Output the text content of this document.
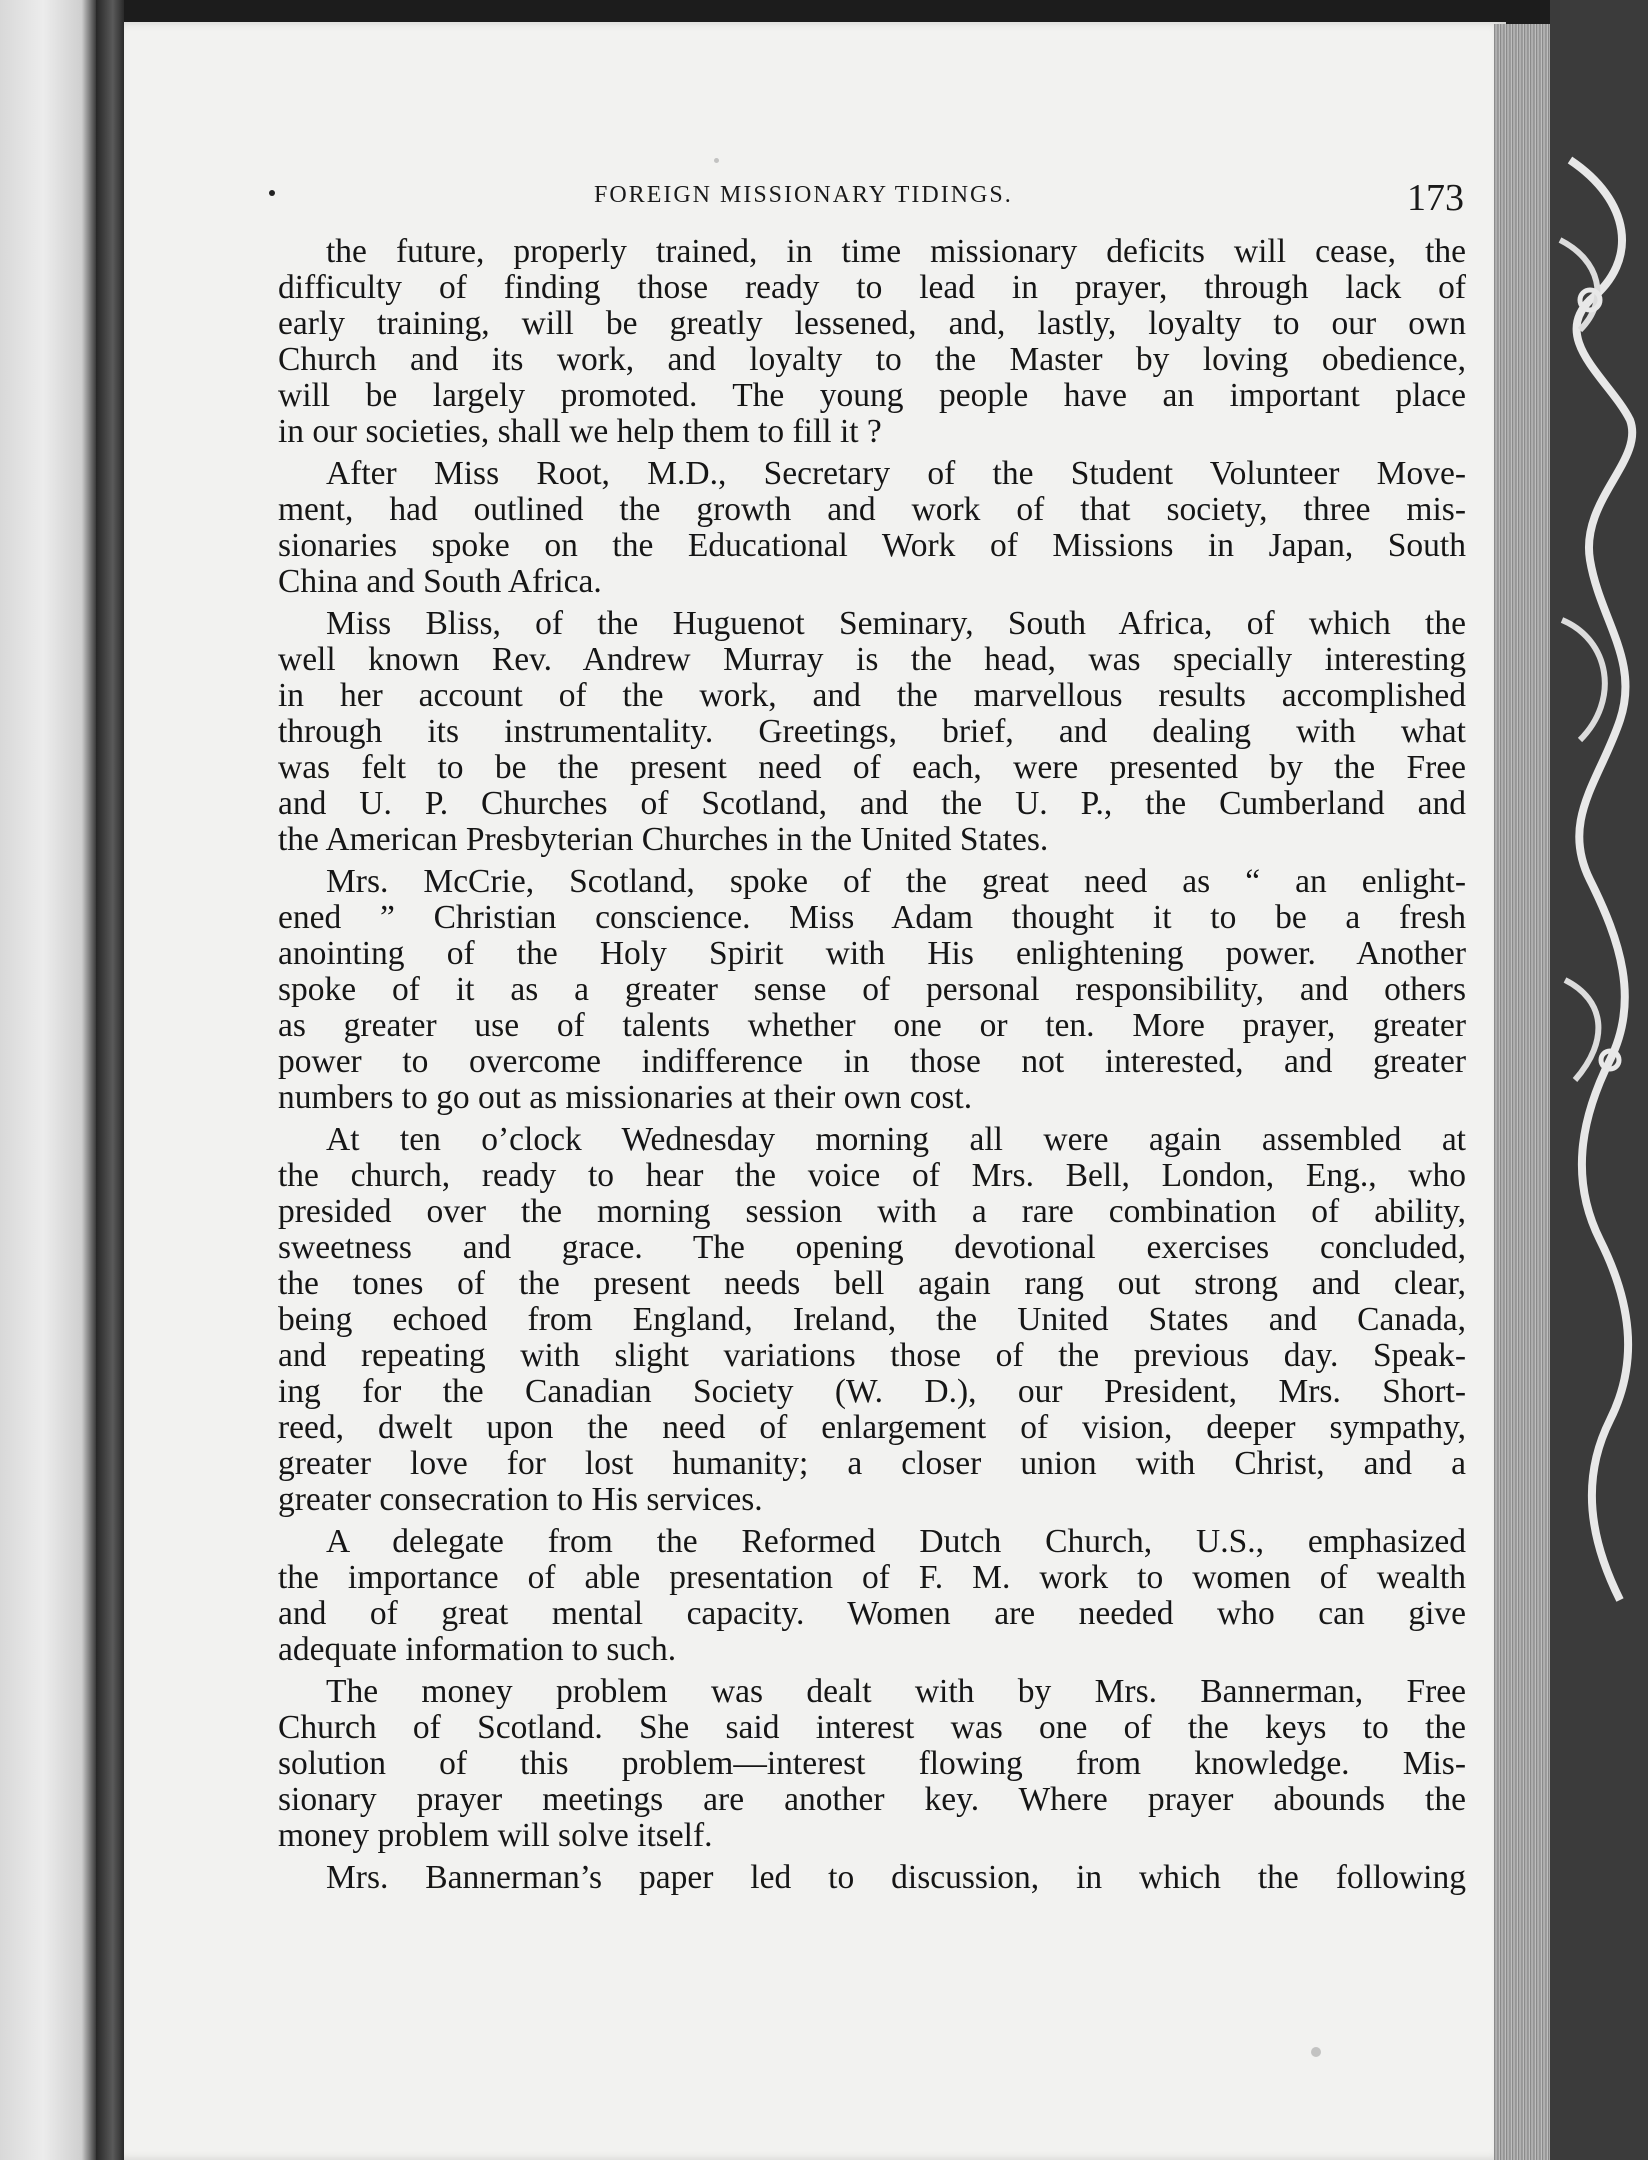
FOREIGN MISSIONARY TIDINGS.	173
the future, properly trained, in time missionary deficits will cease, the
difficulty of finding those ready to lead in prayer, through lack of
early training, will be greatly lessened, and, lastly, loyalty to our own
Church and its work, and loyalty to the Master by loving obedience,
will be largely promoted. The young people have an important place
in our societies, shall we help them to fill it ?
After Miss Root, M.D., Secretary of the Student Volunteer Move-
ment, had outlined the growth and work of that society, three mis-
sionaries spoke on the Educational Work of Missions in Japan, South
China and South Africa.
Miss Bliss, of the Huguenot Seminary, South Africa, of which the
well known Rev. Andrew Murray is the head, was specially interesting
in her account of the work, and the marvellous results accomplished
through its instrumentality. Greetings, brief, and dealing with what
was felt to be the present need of each, were presented by the Free
and U. P. Churches of Scotland, and the U. P., the Cumberland and
the American Presbyterian Churches in the United States.
Mrs. McCrie, Scotland, spoke of the great need as “ an enlight-
ened ” Christian conscience. Miss Adam thought it to be a fresh
anointing of the Holy Spirit with His enlightening power. Another
spoke of it as a greater sense of personal responsibility, and others
as greater use of talents whether one or ten. More prayer, greater
power to overcome indifference in those not interested, and greater
numbers to go out as missionaries at their own cost.
At ten o’clock Wednesday morning all were again assembled at
the church, ready to hear the voice of Mrs. Bell, London, Eng., who
presided over the morning session with a rare combination of ability,
sweetness and grace. The opening devotional exercises concluded,
the tones of the present needs bell again rang out strong and clear,
being echoed from England, Ireland, the United States and Canada,
and repeating with slight variations those of the previous day. Speak-
ing for the Canadian Society (W. D.), our President, Mrs. Short-
reed, dwelt upon the need of enlargement of vision, deeper sympathy,
greater love for lost humanity; a closer union with Christ, and a
greater consecration to His services.
A delegate from the Reformed Dutch Church, U.S., emphasized
the importance of able presentation of F. M. work to women of wealth
and of great mental capacity. Women are needed who can give
adequate information to such.
The money problem was dealt with by Mrs. Bannerman, Free
Church of Scotland. She said interest was one of the keys to the
solution of this problem—interest flowing from knowledge. Mis-
sionary prayer meetings are another key. Where prayer abounds the
money problem will solve itself.
Mrs. Bannerman’s paper led to discussion, in which the following
